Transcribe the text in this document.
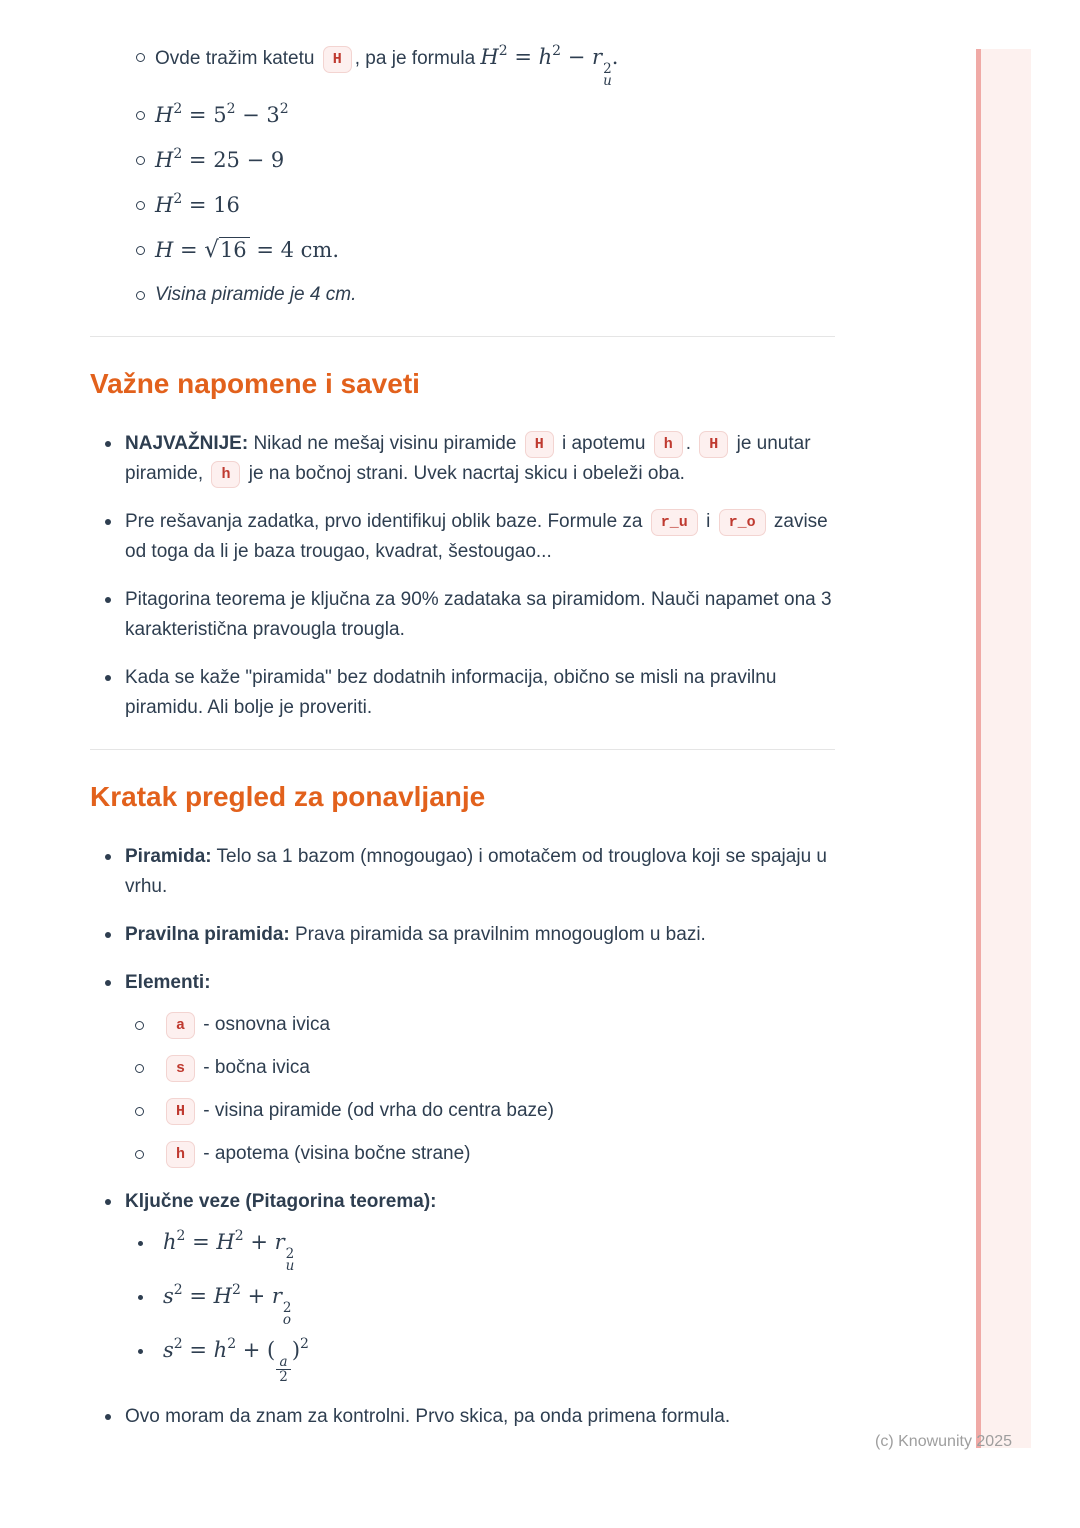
Ovde tražim katetu H , pa je formula $H^2 = h^2 - r$ 2
u
.
$H^2 = 5^2 - 3^2$
$H^2 = 25 - 9$
$H^2 = 16$
H = √16 = 4 cm.
Visina piramide je 4 cm.
Važne napomene i saveti
NAJVAŽNIJE: Nikad ne mešaj visinu piramide H i apotemu h . H je unutar piramide, h je na bočnoj strani. Uvek nacrtaj skicu i obeleži oba.
Pre rešavanja zadatka, prvo identifikuj oblik baze. Formule za r_u i r_o zavise od toga da li je baza trougao, kvadrat, šestougao...
Pitagorina teorema je ključna za 90% zadataka sa piramidom. Nauči napamet ona 3 karakteristična pravougla trougla.
Kada se kaže "piramida" bez dodatnih informacija, obično se misli na pravilnu piramidu. Ali bolje je proveriti.
Kratak pregled za ponavljanje
Piramida: Telo sa 1 bazom (mnogougao) i omotačem od trouglova koji se spajaju u vrhu.
Pravilna piramida: Prava piramida sa pravilnim mnogouglom u bazi.
Elementi:
a - osnovna ivica
s - bočna ivica
H - visina piramide (od vrha do centra baze)
h - apotema (visina bočne strane)
Ključne veze (Pitagorina teorema):
$h^2 = H^2 + r$ 2
u
$s^2 = H^2 + r$ 2
o
$s^2 = h^2$ + (
$\frac{a}{2}$
)$^2$
Ovo moram da znam za kontrolni. Prvo skica, pa onda primena formula.
(c) Knowunity 2025
